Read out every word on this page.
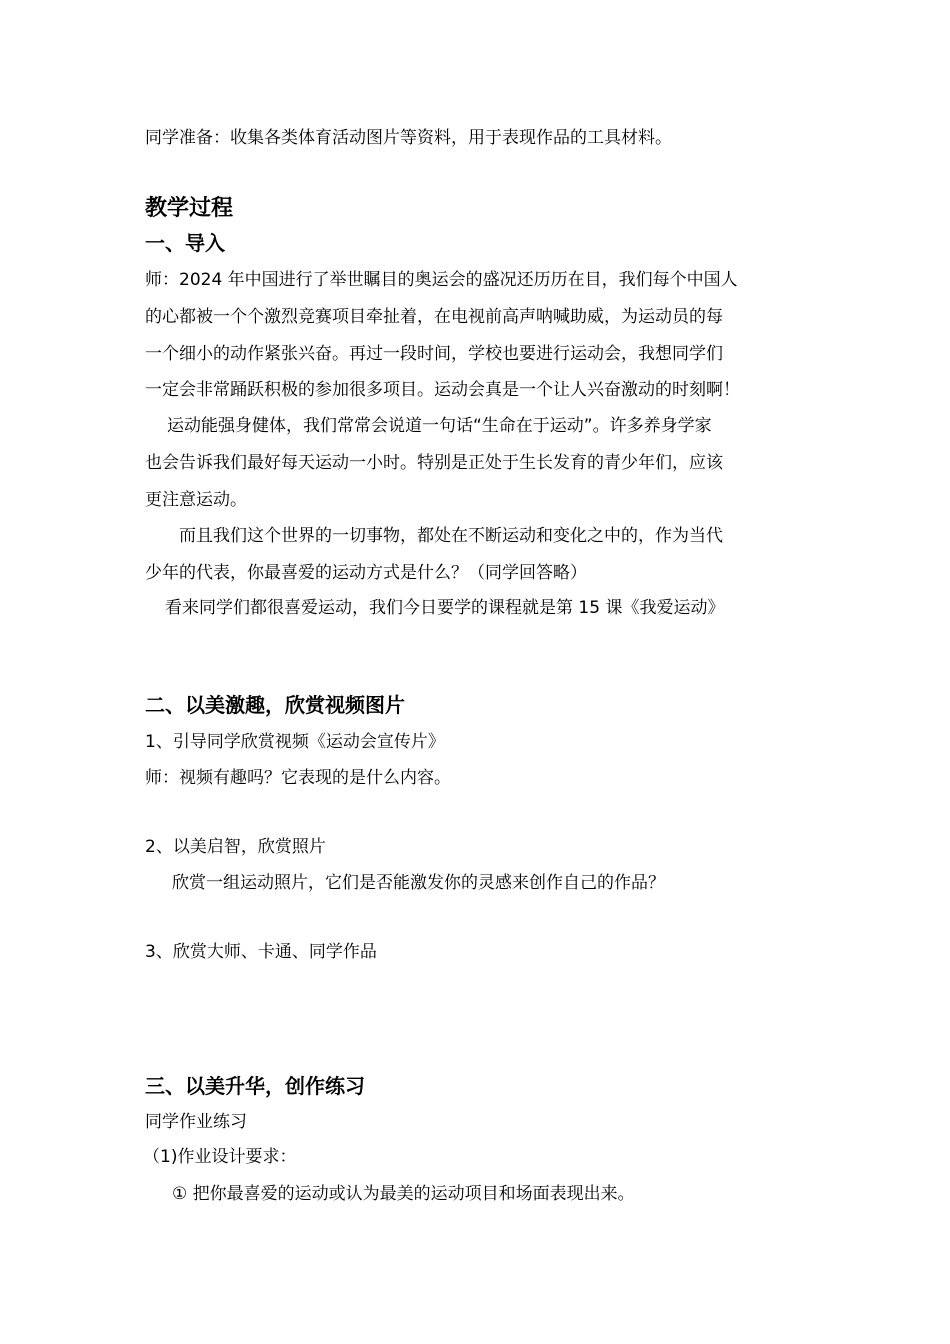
同学准备：收集各类体育活动图片等资料，用于表现作品的工具材料。
教学过程
一、导入
师：2024 年中国进行了举世瞩目的奥运会的盛况还历历在目，我们每个中国人
的心都被一个个激烈竞赛项目牵扯着，在电视前高声呐喊助威，为运动员的每
一个细小的动作紧张兴奋。再过一段时间，学校也要进行运动会，我想同学们
一定会非常踊跃积极的参加很多项目。运动会真是一个让人兴奋激动的时刻啊！
运动能强身健体，我们常常会说道一句话“生命在于运动”。许多养身学家
也会告诉我们最好每天运动一小时。特别是正处于生长发育的青少年们，应该
更注意运动。
而且我们这个世界的一切事物，都处在不断运动和变化之中的，作为当代
少年的代表，你最喜爱的运动方式是什么？（同学回答略）
看来同学们都很喜爱运动，我们今日要学的课程就是第 15 课《我爱运动》
二、以美激趣，欣赏视频图片
1、引导同学欣赏视频《运动会宣传片》
师：视频有趣吗？它表现的是什么内容。
2、以美启智，欣赏照片
欣赏一组运动照片，它们是否能激发你的灵感来创作自己的作品？
3、欣赏大师、卡通、同学作品
三、以美升华，创作练习
同学作业练习
（1)作业设计要求：
① 把你最喜爱的运动或认为最美的运动项目和场面表现出来。
